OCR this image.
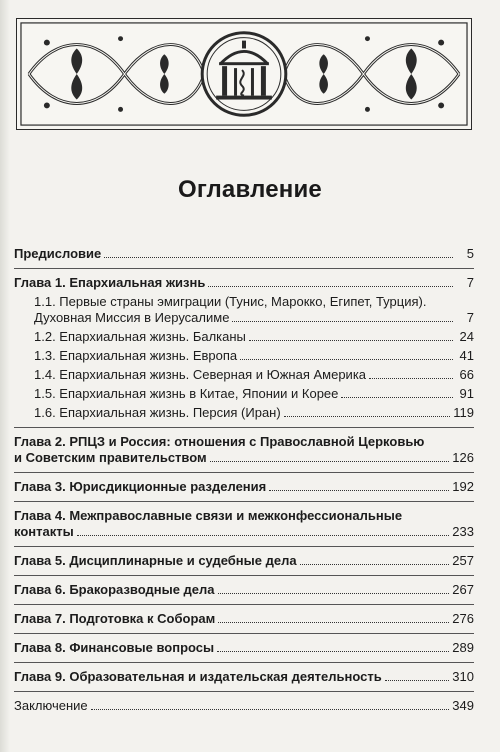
Оглавление
Предисловие	5
Глава 1. Епархиальная жизнь	7
1.1. Первые страны эмиграции (Тунис, Марокко, Египет, Турция).
Духовная Миссия в Иерусалиме	7
1.2. Епархиальная жизнь. Балканы	24
1.3. Епархиальная жизнь. Европа	41
1.4. Епархиальная жизнь. Северная и Южная Америка	66
1.5. Епархиальная жизнь в Китае, Японии и Корее	91
1.6. Епархиальная жизнь. Персия (Иран)	119
Глава 2. РПЦЗ и Россия: отношения с Православной Церковью
и Советским правительством	126
Глава 3. Юрисдикционные разделения	192
Глава 4. Межправославные связи и межконфессиональные
контакты	233
Глава 5. Дисциплинарные и судебные дела	257
Глава 6. Бракоразводные дела	267
Глава 7. Подготовка к Соборам	276
Глава 8. Финансовые вопросы	289
Глава 9. Образовательная и издательская деятельность	310
Заключение	349
